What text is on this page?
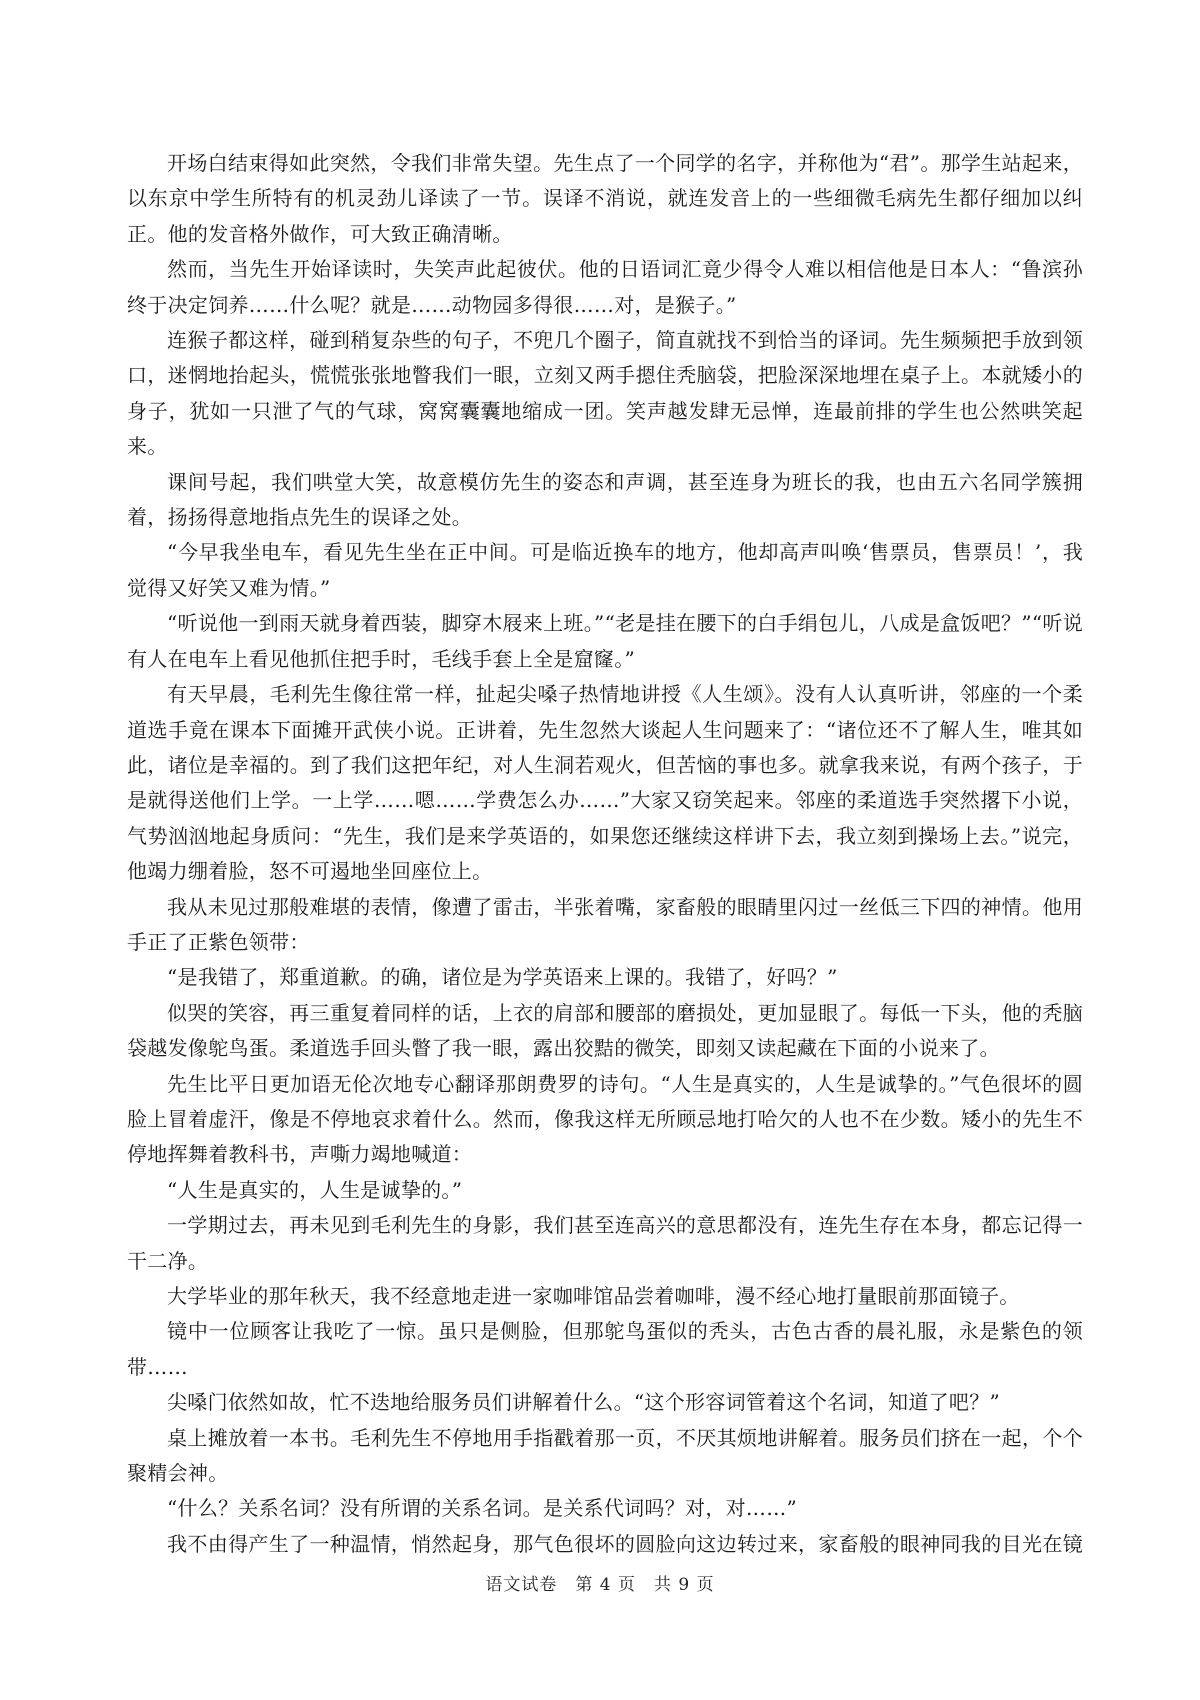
开场白结束得如此突然，令我们非常失望。先生点了一个同学的名字，并称他为“君”。那学生站起来，以东京中学生所特有的机灵劲儿译读了一节。误译不消说，就连发音上的一些细微毛病先生都仔细加以纠正。他的发音格外做作，可大致正确清晰。

然而，当先生开始译读时，失笑声此起彼伏。他的日语词汇竟少得令人难以相信他是日本人：“鲁滨孙终于决定饲养……什么呢？就是……动物园多得很……对，是猴子。”

连猴子都这样，碰到稍复杂些的句子，不兜几个圈子，简直就找不到恰当的译词。先生频频把手放到领口，迷惘地抬起头，慌慌张张地瞥我们一眼，立刻又两手摁住秃脑袋，把脸深深地埋在桌子上。本就矮小的身子，犹如一只泄了气的气球，窝窝囊囊地缩成一团。笑声越发肆无忌惮，连最前排的学生也公然哄笑起来。

课间号起，我们哄堂大笑，故意模仿先生的姿态和声调，甚至连身为班长的我，也由五六名同学簇拥着，扬扬得意地指点先生的误译之处。

“今早我坐电车，看见先生坐在正中间。可是临近换车的地方，他却高声叫唤‘售票员，售票员！’，我觉得又好笑又难为情。”

“听说他一到雨天就身着西装，脚穿木屐来上班。”“老是挂在腰下的白手绢包儿，八成是盒饭吧？”“听说有人在电车上看见他抓住把手时，毛线手套上全是窟窿。”

有天早晨，毛利先生像往常一样，扯起尖嗓子热情地讲授《人生颂》。没有人认真听讲，邻座的一个柔道选手竟在课本下面摊开武侠小说。正讲着，先生忽然大谈起人生问题来了：“诸位还不了解人生，唯其如此，诸位是幸福的。到了我们这把年纪，对人生洞若观火，但苦恼的事也多。就拿我来说，有两个孩子，于是就得送他们上学。一上学……嗯……学费怎么办……”大家又窃笑起来。邻座的柔道选手突然撂下小说，气势汹汹地起身质问：“先生，我们是来学英语的，如果您还继续这样讲下去，我立刻到操场上去。”说完，他竭力绷着脸，怒不可遏地坐回座位上。

我从未见过那般难堪的表情，像遭了雷击，半张着嘴，家畜般的眼睛里闪过一丝低三下四的神情。他用手正了正紫色领带：

“是我错了，郑重道歉。的确，诸位是为学英语来上课的。我错了，好吗？”

似哭的笑容，再三重复着同样的话，上衣的肩部和腰部的磨损处，更加显眼了。每低一下头，他的秃脑袋越发像鸵鸟蛋。柔道选手回头瞥了我一眼，露出狡黠的微笑，即刻又读起藏在下面的小说来了。

先生比平日更加语无伦次地专心翻译那朗费罗的诗句。“人生是真实的，人生是诚挚的。”气色很坏的圆脸上冒着虚汗，像是不停地哀求着什么。然而，像我这样无所顾忌地打哈欠的人也不在少数。矮小的先生不停地挥舞着教科书，声嘶力竭地喊道：

“人生是真实的，人生是诚挚的。”

一学期过去，再未见到毛利先生的身影，我们甚至连高兴的意思都没有，连先生存在本身，都忘记得一干二净。

大学毕业的那年秋天，我不经意地走进一家咖啡馆品尝着咖啡，漫不经心地打量眼前那面镜子。

镜中一位顾客让我吃了一惊。虽只是侧脸，但那鸵鸟蛋似的秃头，古色古香的晨礼服，永是紫色的领带……

尖嗓门依然如故，忙不迭地给服务员们讲解着什么。“这个形容词管着这个名词，知道了吧？”

桌上摊放着一本书。毛利先生不停地用手指戳着那一页，不厌其烦地讲解着。服务员们挤在一起，个个聚精会神。

“什么？关系名词？没有所谓的关系名词。是关系代词吗？对，对……”

我不由得产生了一种温情，悄然起身，那气色很坏的圆脸向这边转过来，家畜般的眼神同我的目光在镜

语文试卷　第 4 页　共 9 页
